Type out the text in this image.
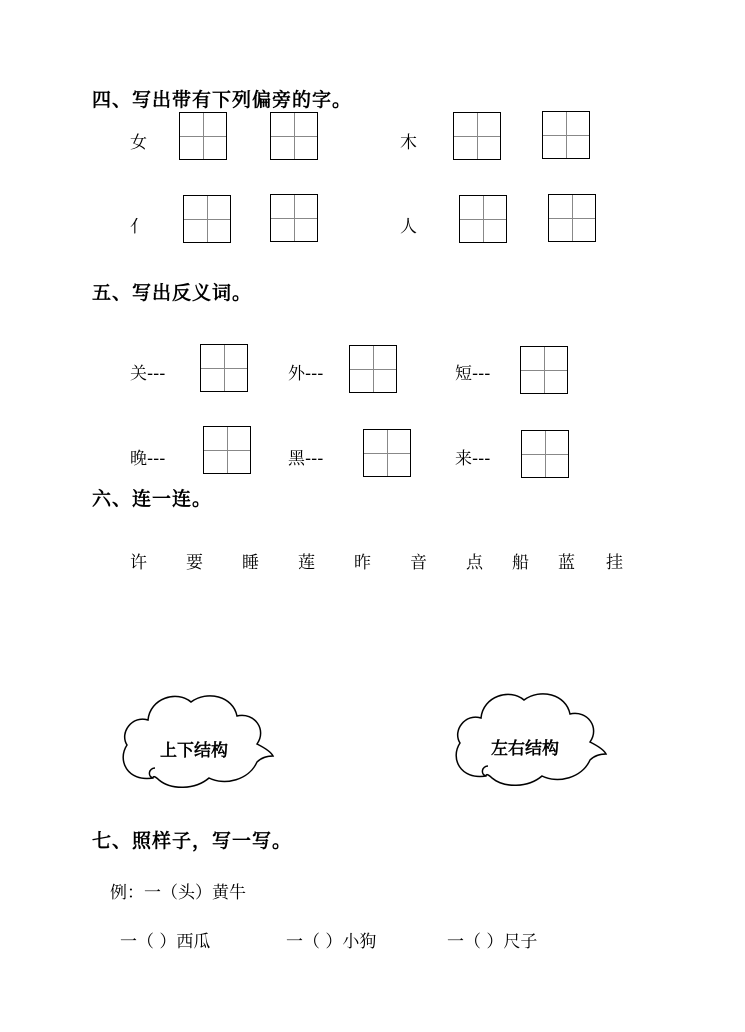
四、写出带有下列偏旁的字。
女	木
亻	人
五、写出反义词。
关---	外---	短---
晚---	黑---	来---
六、连一连。
许 要 睡 莲 昨 音 点 船 蓝 挂
上下结构	左右结构
七、照样子，写一写。
例：一（头）黄牛
一（ ）西瓜	一（ ）小狗	一（ ）尺子
